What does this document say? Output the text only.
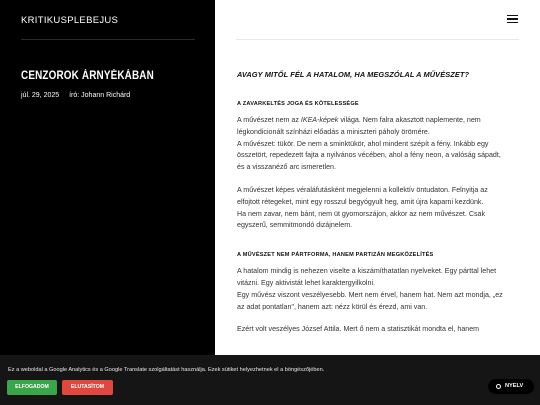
KRITIKUSPLEBEJUS
CENZOROK ÁRNYÉKÁBAN
júl. 29, 2025 író: Johann Richárd
AVAGY MITŐL FÉL A HATALOM, HA MEGSZÓLAL A MŰVÉSZET?
A ZAVARKELTÉS JOGA ÉS KÖTELESSÉGE

A művészet nem az IKEA-képek világa. Nem falra akasztott naplemente, nem légkondicionált színházi előadás a miniszteri páholy örömére.

A művészet: tükör. De nem a sminktükör, ahol mindent szépít a fény. Inkább egy összetört, repedezett fajta a nyilvános vécében, ahol a fény neon, a valóság sápadt, és a visszanéző arc ismeretlen.

A művészet képes véraláfutásként megjelenni a kollektív öntudaton. Felnyitja az elfojtott rétegeket, mint egy rosszul begyógyult heg, amit újra kaparni kezdünk.

Ha nem zavar, nem bánt, nem üt gyomorszájon, akkor az nem művészet. Csak egyszerű, semmitmondó dizájnelem.

A MŰVÉSZET NEM PÁRTFORMA, HANEM PARTIZÁN MEGKÖZELÍTÉS

A hatalom mindig is nehezen viselte a kiszámíthatatlan nyelveket. Egy párttal lehet vitázni. Egy aktivistát lehet karaktergyilkolni.

Egy művész viszont veszélyesebb. Mert nem érvel, hanem hat. Nem azt mondja, „ez az adat pontatlan", hanem azt: nézz körül és érezd, ami van.

Ezért volt veszélyes József Attila. Mert ő nem a statisztikát mondta el, hanem

Ez a weboldal a Google Analytics és a Google Translate szolgáltatást használja. Ezek sütiket helyezhetnek el a böngészőjében.
ELFOGADOM	ELUTASÍTOM	NYELV
